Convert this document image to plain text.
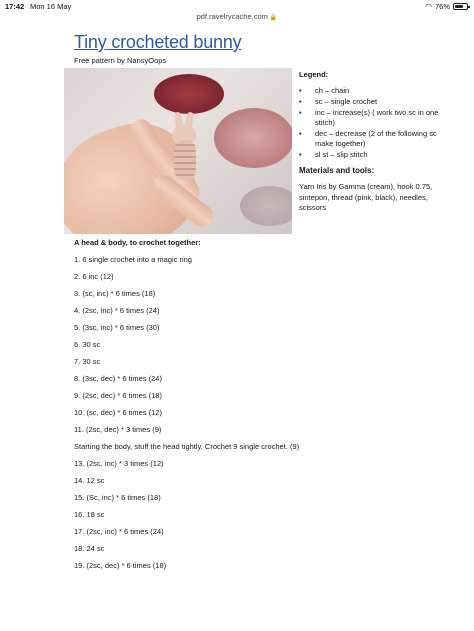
17:42 Mon 16 May	◠ 76%
pdf.ravelrycache.com 🔒
Tiny crocheted bunny
Free pattern by NansyOops
Legend:
•	ch – chain
•	sc – single crochet
•	inc – increase(s) ( work two sc in one stitch)
•	dec – decrease (2 of the following sc make together)
•	sl st – slip stitch
Materials and tools:
Yarn Iris by Gamma (cream), hook 0.75, sintepon, thread (pink, black), needles, scissors
A head & body, to crochet together:
1. 6 single crochet into a magic ring
2. 6 inc (12)
3. (sc, inc) * 6 times (18)
4. (2sc, inc) * 6 times (24)
5. (3sc, inc) * 6 times (30)
6. 30 sc
7. 30 sc
8. (3sc, dec) * 6 times (24)
9. (2sc, dec) * 6 times (18)
10. (sc, dec) * 6 times (12)
11. (2sc, dec) * 3 times (9)
Starting the body, stuff the head tightly. Crochet 9 single crochet. (9)
13. (2sc, inc) * 3 times (12)
14. 12 sc
15. (Sc, inc) * 6 times (18)
16. 18 sc
17. (2sc, inc) * 6 times (24)
18. 24 sc
19. (2sc, dec) * 6 times (18)
